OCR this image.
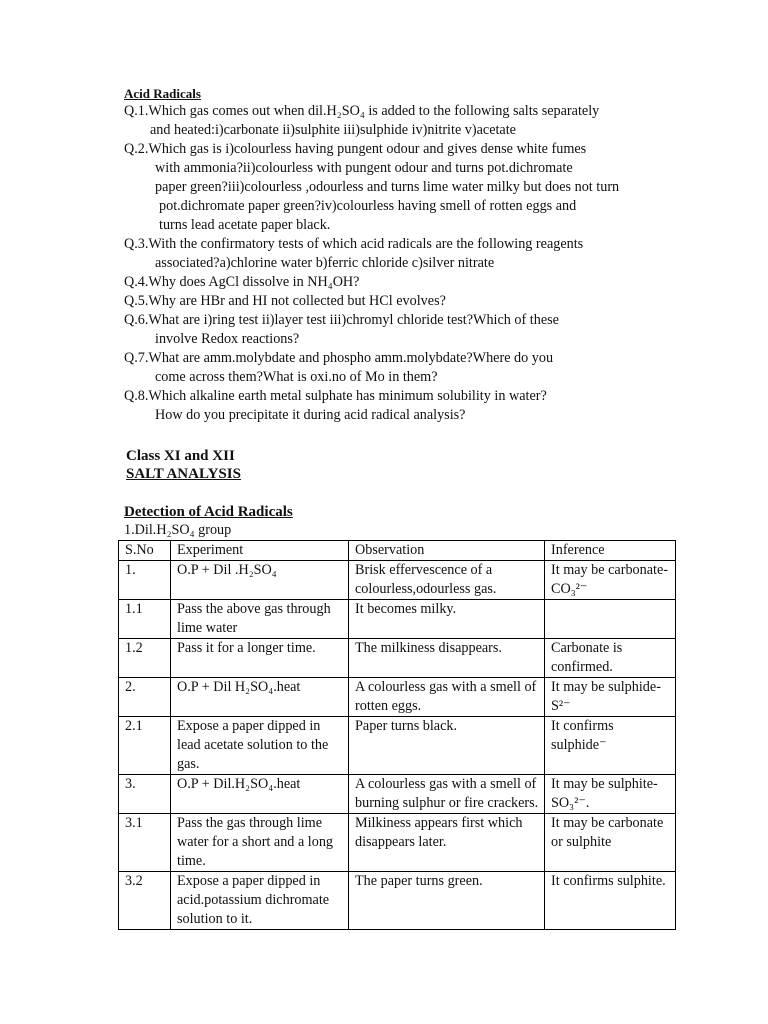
Acid Radicals
Q.1.Which gas comes out when dil.H₂SO₄ is added to the following salts separately
and heated:i)carbonate ii)sulphite iii)sulphide iv)nitrite v)acetate
Q.2.Which gas is i)colourless having pungent odour and gives dense white fumes
with ammonia?ii)colourless with pungent odour and turns pot.dichromate
paper green?iii)colourless ,odourless and turns lime water milky but does not turn
pot.dichromate paper green?iv)colourless having smell of rotten eggs and
turns lead acetate paper black.
Q.3.With the confirmatory tests of which acid radicals are the following reagents
associated?a)chlorine water b)ferric chloride c)silver nitrate
Q.4.Why does AgCl dissolve in NH₄OH?
Q.5.Why are HBr and HI not collected but HCl evolves?
Q.6.What are i)ring test ii)layer test iii)chromyl chloride test?Which of these
involve Redox reactions?
Q.7.What are amm.molybdate and phospho amm.molybdate?Where do you
come across them?What is oxi.no of Mo in them?
Q.8.Which alkaline earth metal sulphate has minimum solubility in water?
How do you precipitate it during acid radical analysis?
Class XI and XII
SALT ANALYSIS
Detection of Acid Radicals
1.Dil.H₂SO₄ group
S.No	Experiment	Observation	Inference
1.	O.P + Dil .H₂SO₄	Brisk effervescence of a colourless,odourless gas.	It may be carbonate-CO₃²⁻
1.1	Pass the above gas through lime water	It becomes milky.	
1.2	Pass it for a longer time.	The milkiness disappears.	Carbonate is confirmed.
2.	O.P + Dil H₂SO₄.heat	A colourless gas with a smell of rotten eggs.	It may be sulphide-S²⁻
2.1	Expose a paper dipped in lead acetate solution to the gas.	Paper turns black.	It confirms sulphide⁻
3.	O.P + Dil.H₂SO₄.heat	A colourless gas with a smell of burning sulphur or fire crackers.	It may be sulphite-SO₃²⁻.
3.1	Pass the gas through lime water for a short and a long time.	Milkiness appears first which disappears later.	It may be carbonate or sulphite
3.2	Expose a paper dipped in acid.potassium dichromate solution to it.	The paper turns green.	It confirms sulphite.
